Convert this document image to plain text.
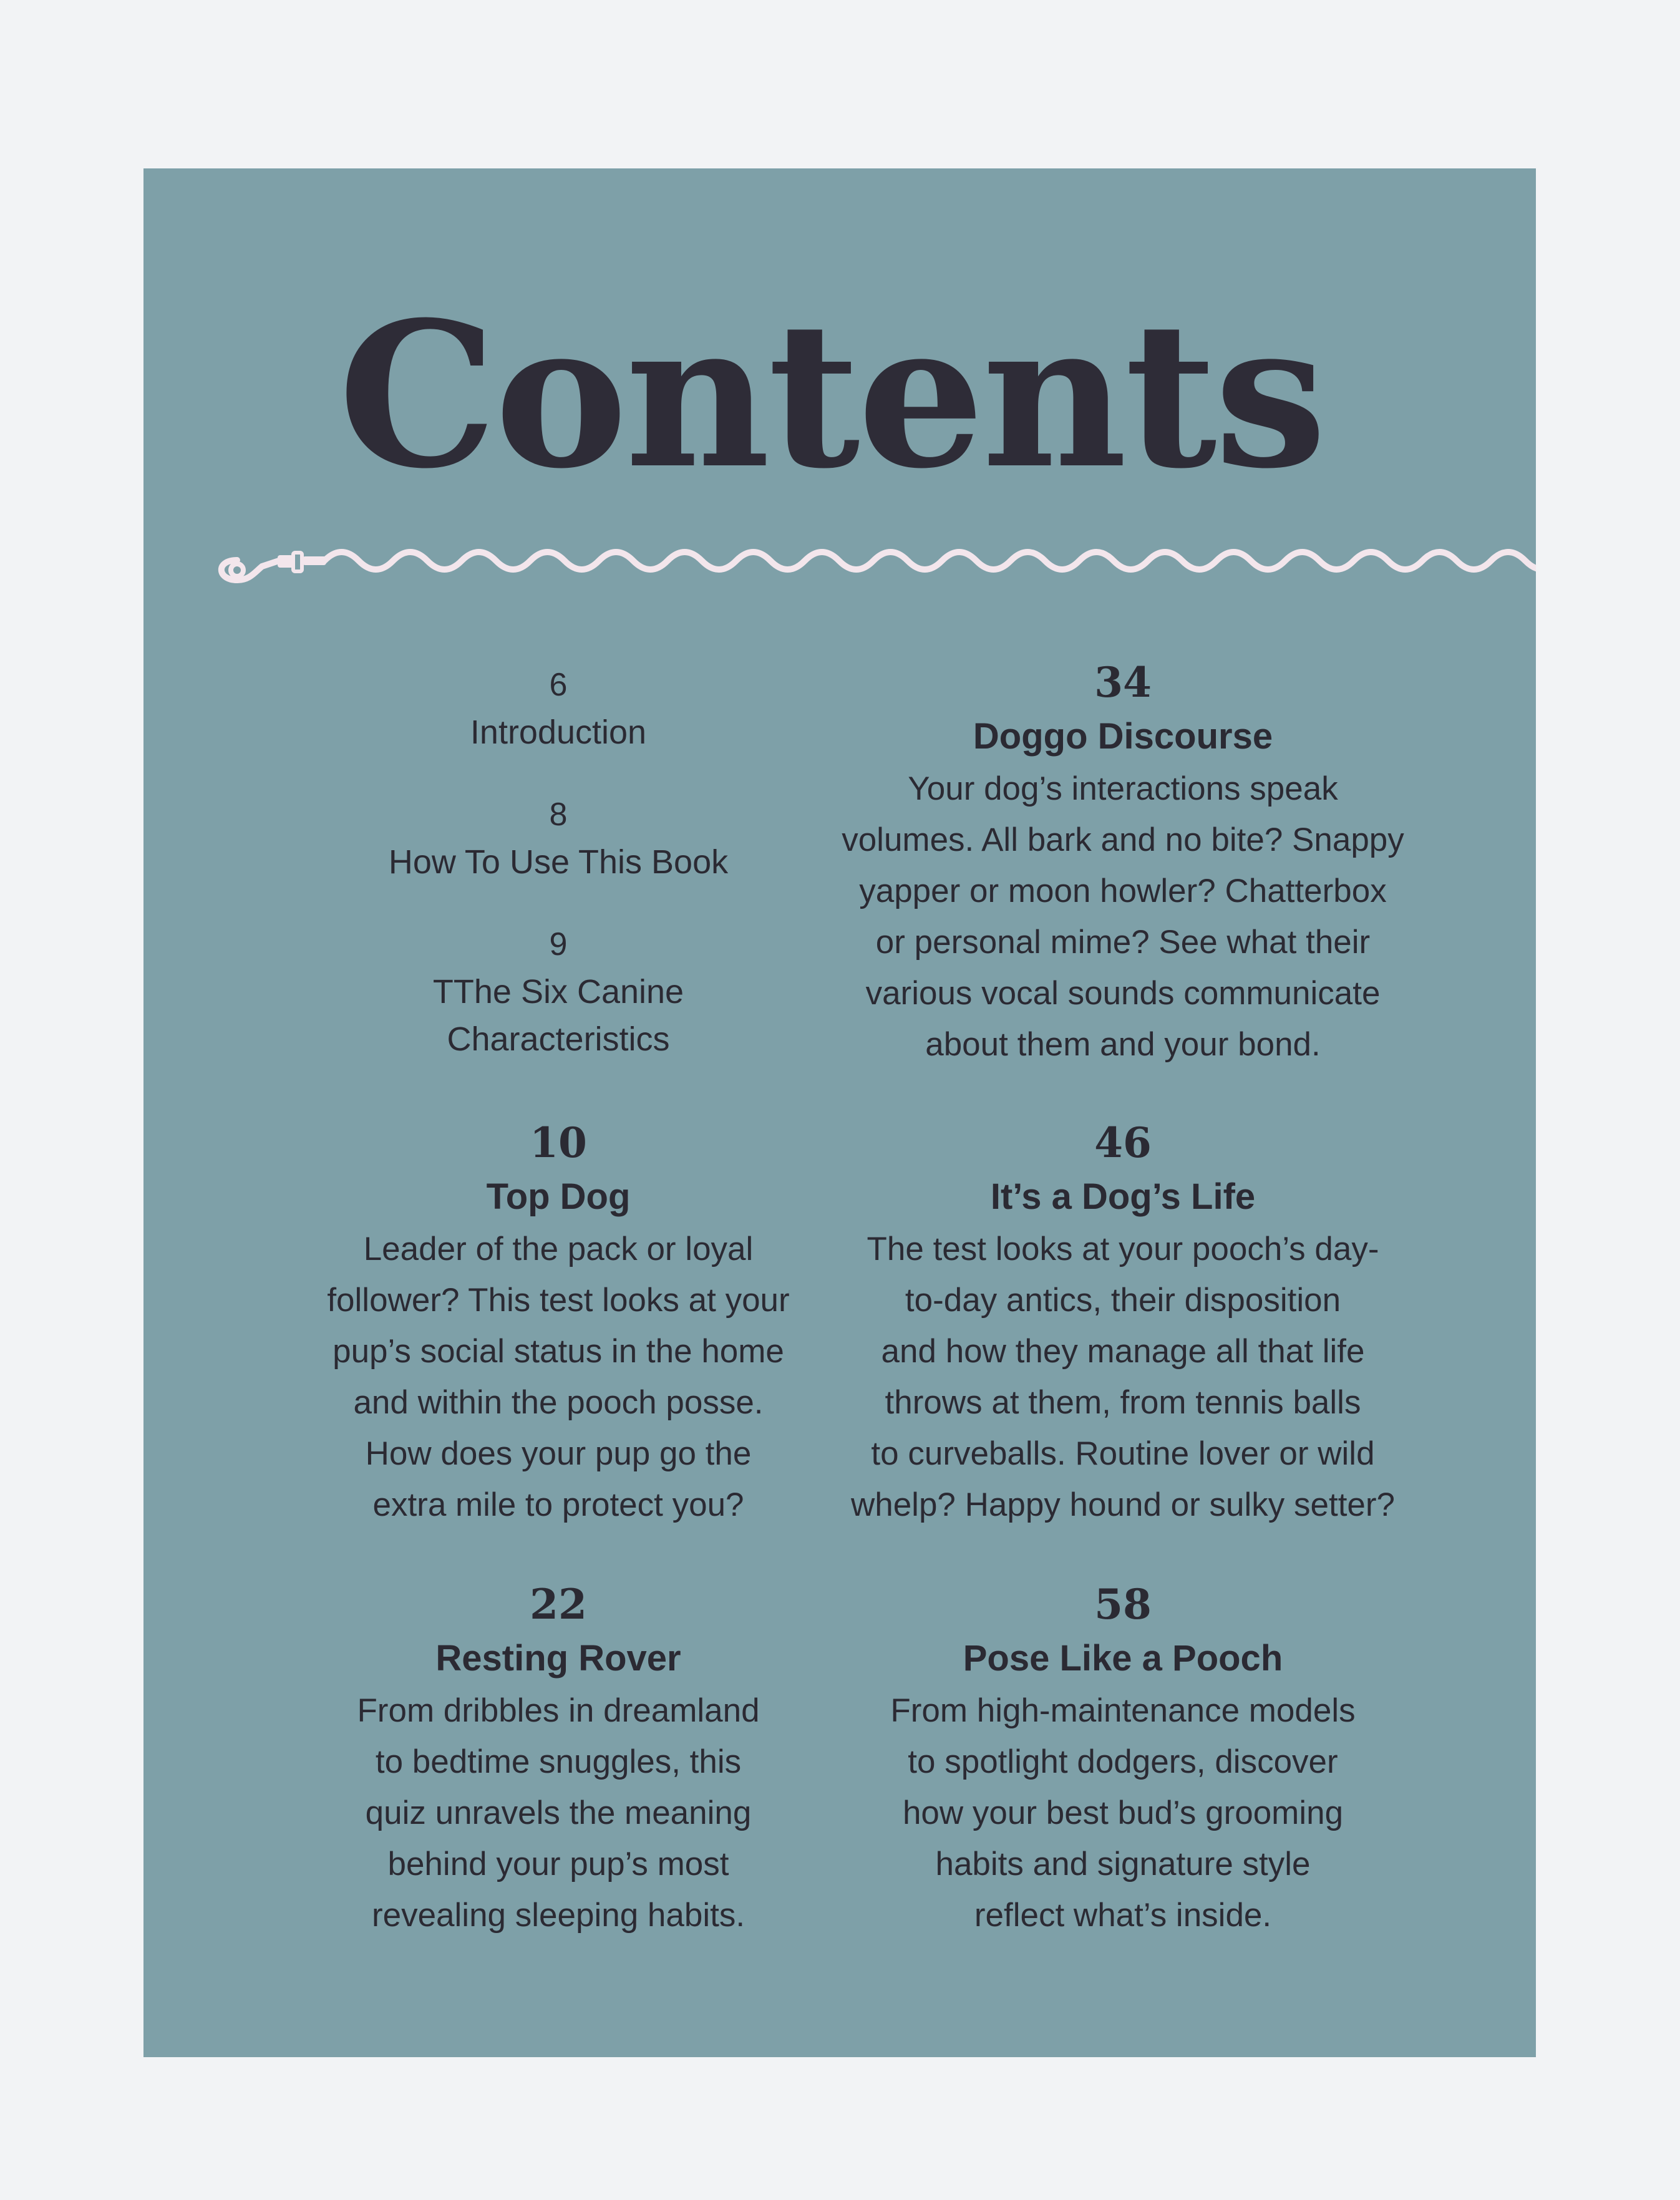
Contents

6

Introduction

8

How To Use This Book

9

TThe Six Canine

Characteristics

10

Top Dog

Leader of the pack or loyal
follower? This test looks at your
pup’s social status in the home
and within the pooch posse.
How does your pup go the
extra mile to protect you?

22

Resting Rover

From dribbles in dreamland
to bedtime snuggles, this
quiz unravels the meaning
behind your pup’s most
revealing sleeping habits.

34

Doggo Discourse

Your dog’s interactions speak
volumes. All bark and no bite? Snappy
yapper or moon howler? Chatterbox
or personal mime? See what their
various vocal sounds communicate
about them and your bond.

46

It’s a Dog’s Life

The test looks at your pooch’s day-
to-day antics, their disposition
and how they manage all that life
throws at them, from tennis balls
to curveballs. Routine lover or wild
whelp? Happy hound or sulky setter?

58

Pose Like a Pooch

From high-maintenance models
to spotlight dodgers, discover
how your best bud’s grooming
habits and signature style
reflect what’s inside.
